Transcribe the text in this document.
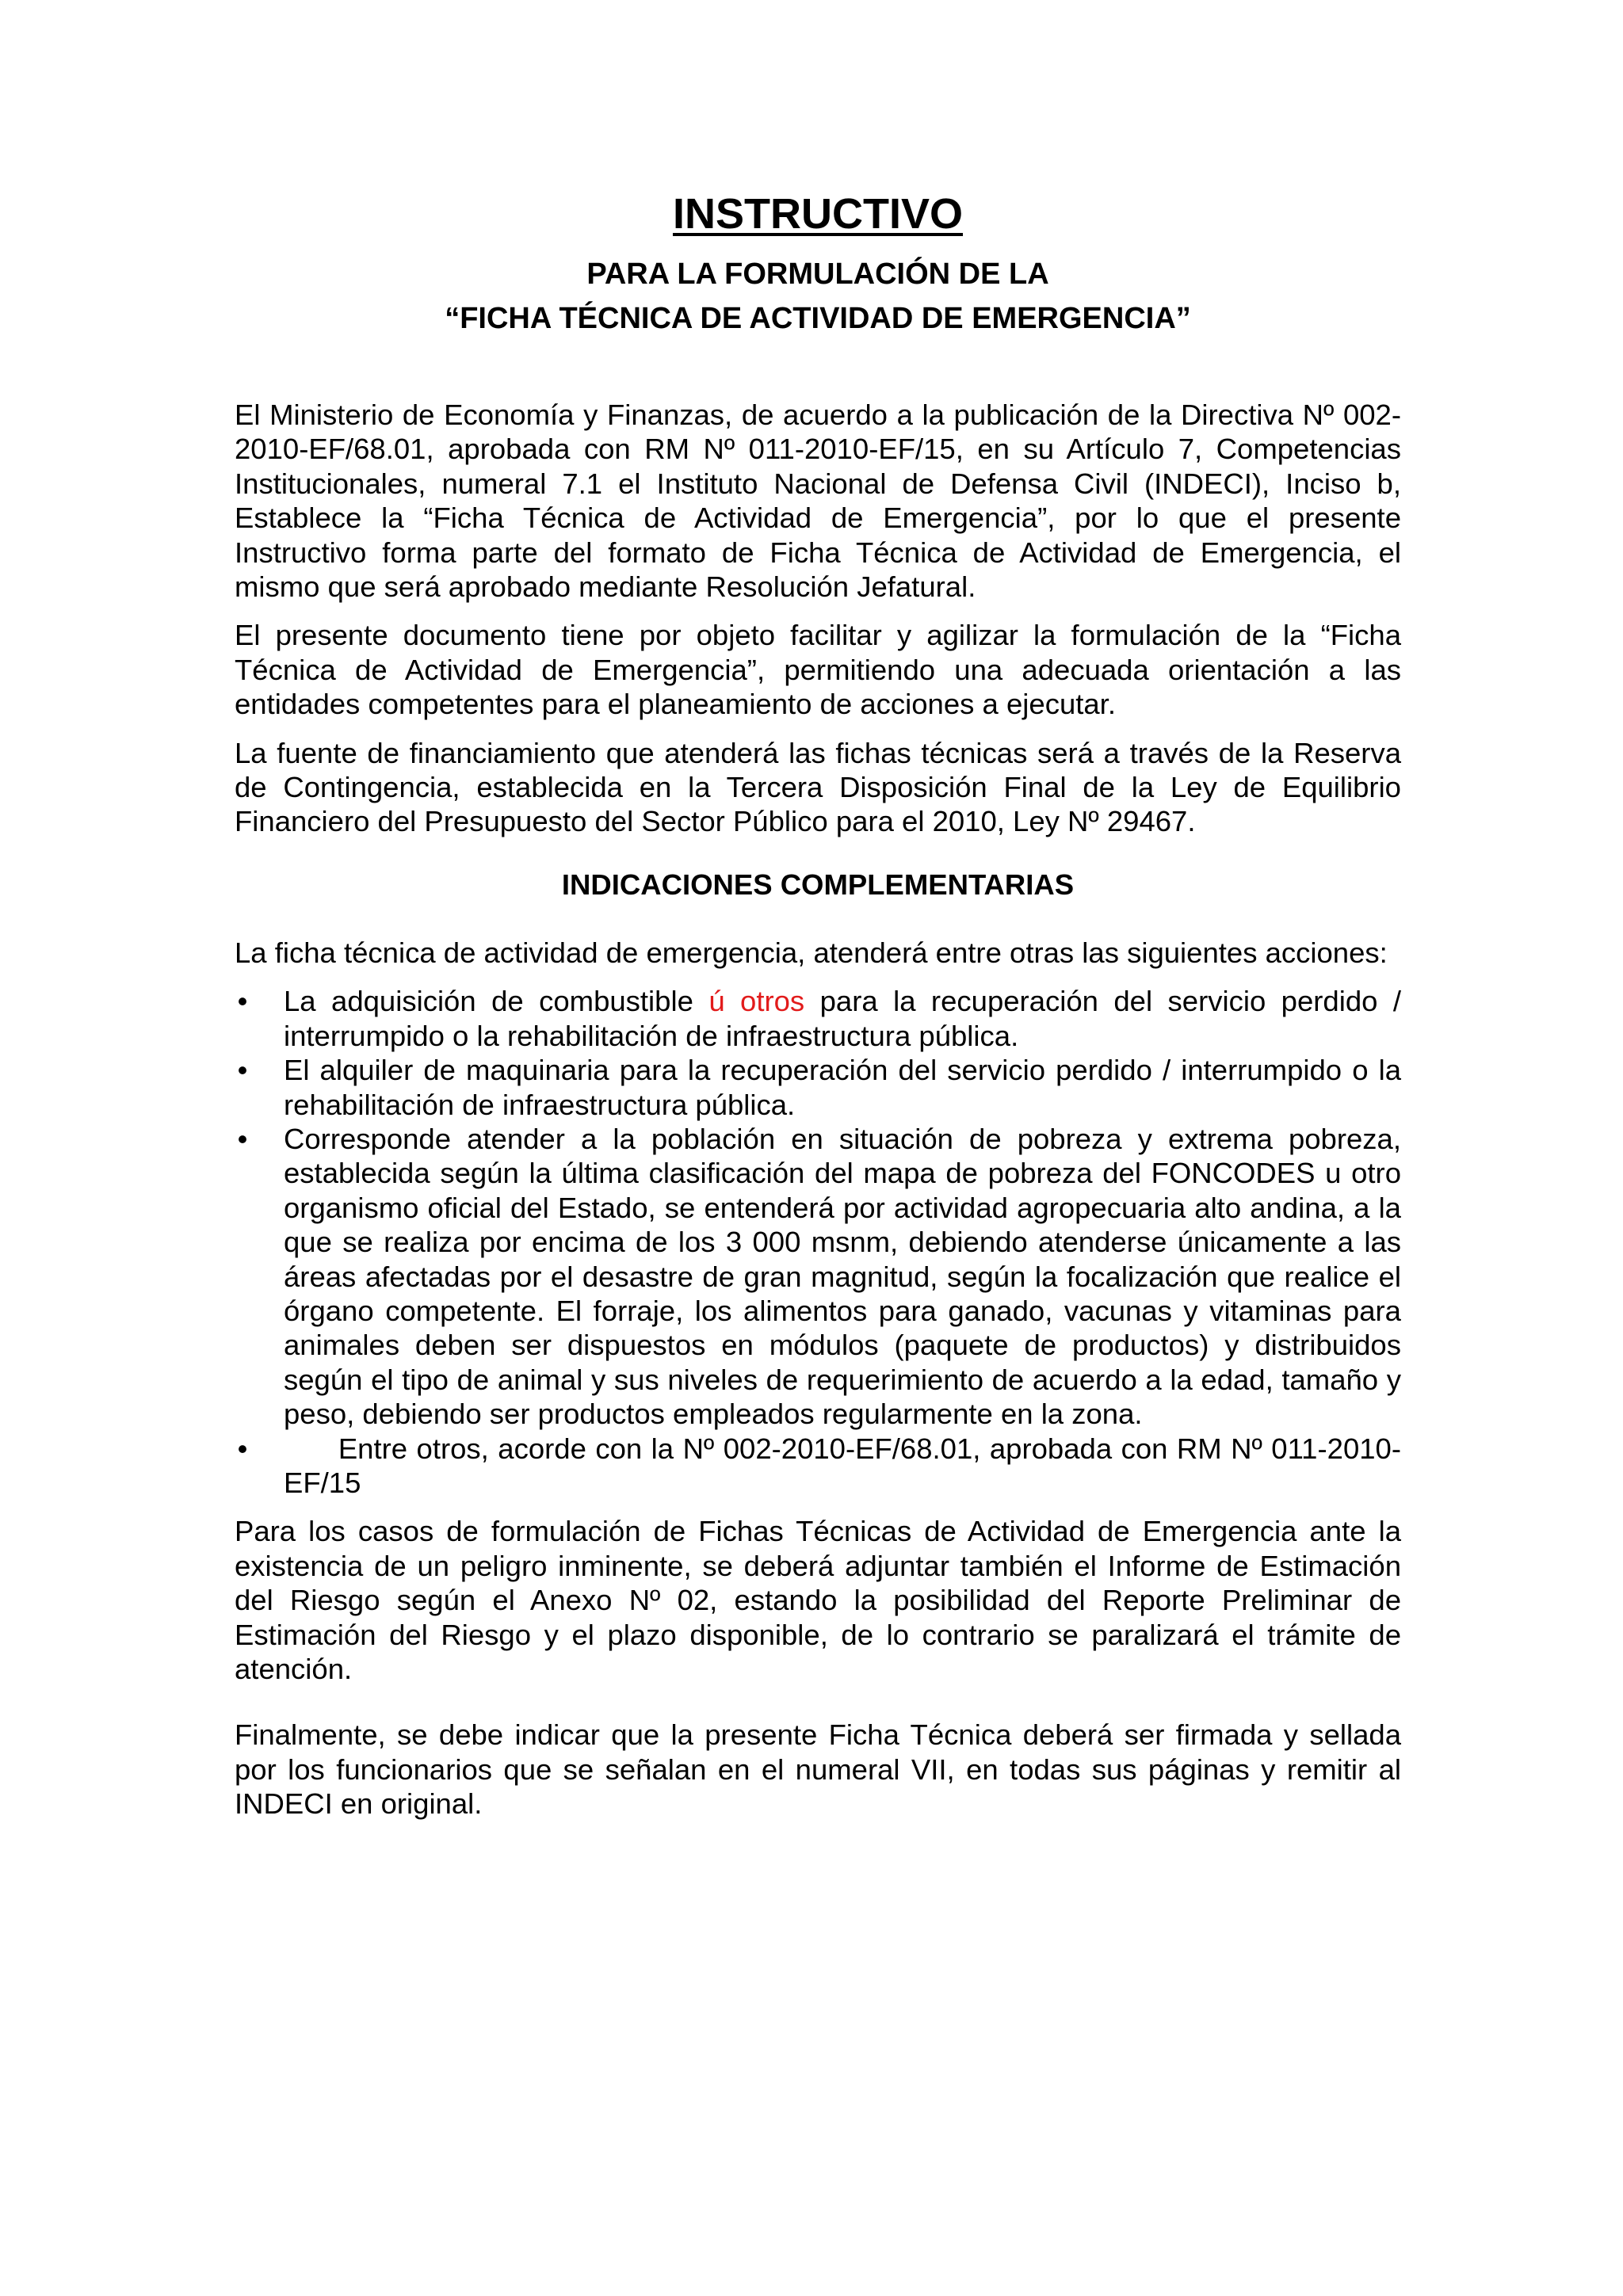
INSTRUCTIVO

PARA LA FORMULACIÓN DE LA

“FICHA TÉCNICA DE ACTIVIDAD DE EMERGENCIA”

El Ministerio de Economía y Finanzas, de acuerdo a la publicación de la Directiva Nº 002-2010-EF/68.01, aprobada con RM Nº 011-2010-EF/15, en su Artículo 7, Competencias Institucionales, numeral 7.1 el Instituto Nacional de Defensa Civil (INDECI), Inciso b, Establece la “Ficha Técnica de Actividad de Emergencia”, por lo que el presente Instructivo forma parte del formato de Ficha Técnica de Actividad de Emergencia, el mismo que será aprobado mediante Resolución Jefatural.

El presente documento tiene por objeto facilitar y agilizar la formulación de la “Ficha Técnica de Actividad de Emergencia”, permitiendo una adecuada orientación a las entidades competentes para el planeamiento de acciones a ejecutar.

La fuente de financiamiento que atenderá las fichas técnicas será a través de la Reserva de Contingencia, establecida en la Tercera Disposición Final de la Ley de Equilibrio Financiero del Presupuesto del Sector Público para el 2010, Ley Nº 29467.

INDICACIONES COMPLEMENTARIAS

La ficha técnica de actividad de emergencia, atenderá entre otras las siguientes acciones:

• La adquisición de combustible ú otros para la recuperación del servicio perdido / interrumpido o la rehabilitación de infraestructura pública.
• El alquiler de maquinaria para la recuperación del servicio perdido / interrumpido o la rehabilitación de infraestructura pública.
• Corresponde atender a la población en situación de pobreza y extrema pobreza, establecida según la última clasificación del mapa de pobreza del FONCODES u otro organismo oficial del Estado, se entenderá por actividad agropecuaria alto andina, a la que se realiza por encima de los 3 000 msnm, debiendo atenderse únicamente a las áreas afectadas por el desastre de gran magnitud, según la focalización que realice el órgano competente. El forraje, los alimentos para ganado, vacunas y vitaminas para animales deben ser dispuestos en módulos (paquete de productos) y distribuidos según el tipo de animal y sus niveles de requerimiento de acuerdo a la edad, tamaño y peso, debiendo ser productos empleados regularmente en la zona.
•	Entre otros, acorde con la Nº 002-2010-EF/68.01, aprobada con RM Nº 011-2010-EF/15

Para los casos de formulación de Fichas Técnicas de Actividad de Emergencia ante la existencia de un peligro inminente, se deberá adjuntar también el Informe de Estimación del Riesgo según el Anexo Nº 02, estando la posibilidad del Reporte Preliminar de Estimación del Riesgo y el plazo disponible, de lo contrario se paralizará el trámite de atención.

Finalmente, se debe indicar que la presente Ficha Técnica deberá ser firmada y sellada por los funcionarios que se señalan en el numeral VII, en todas sus páginas y remitir al INDECI en original.
